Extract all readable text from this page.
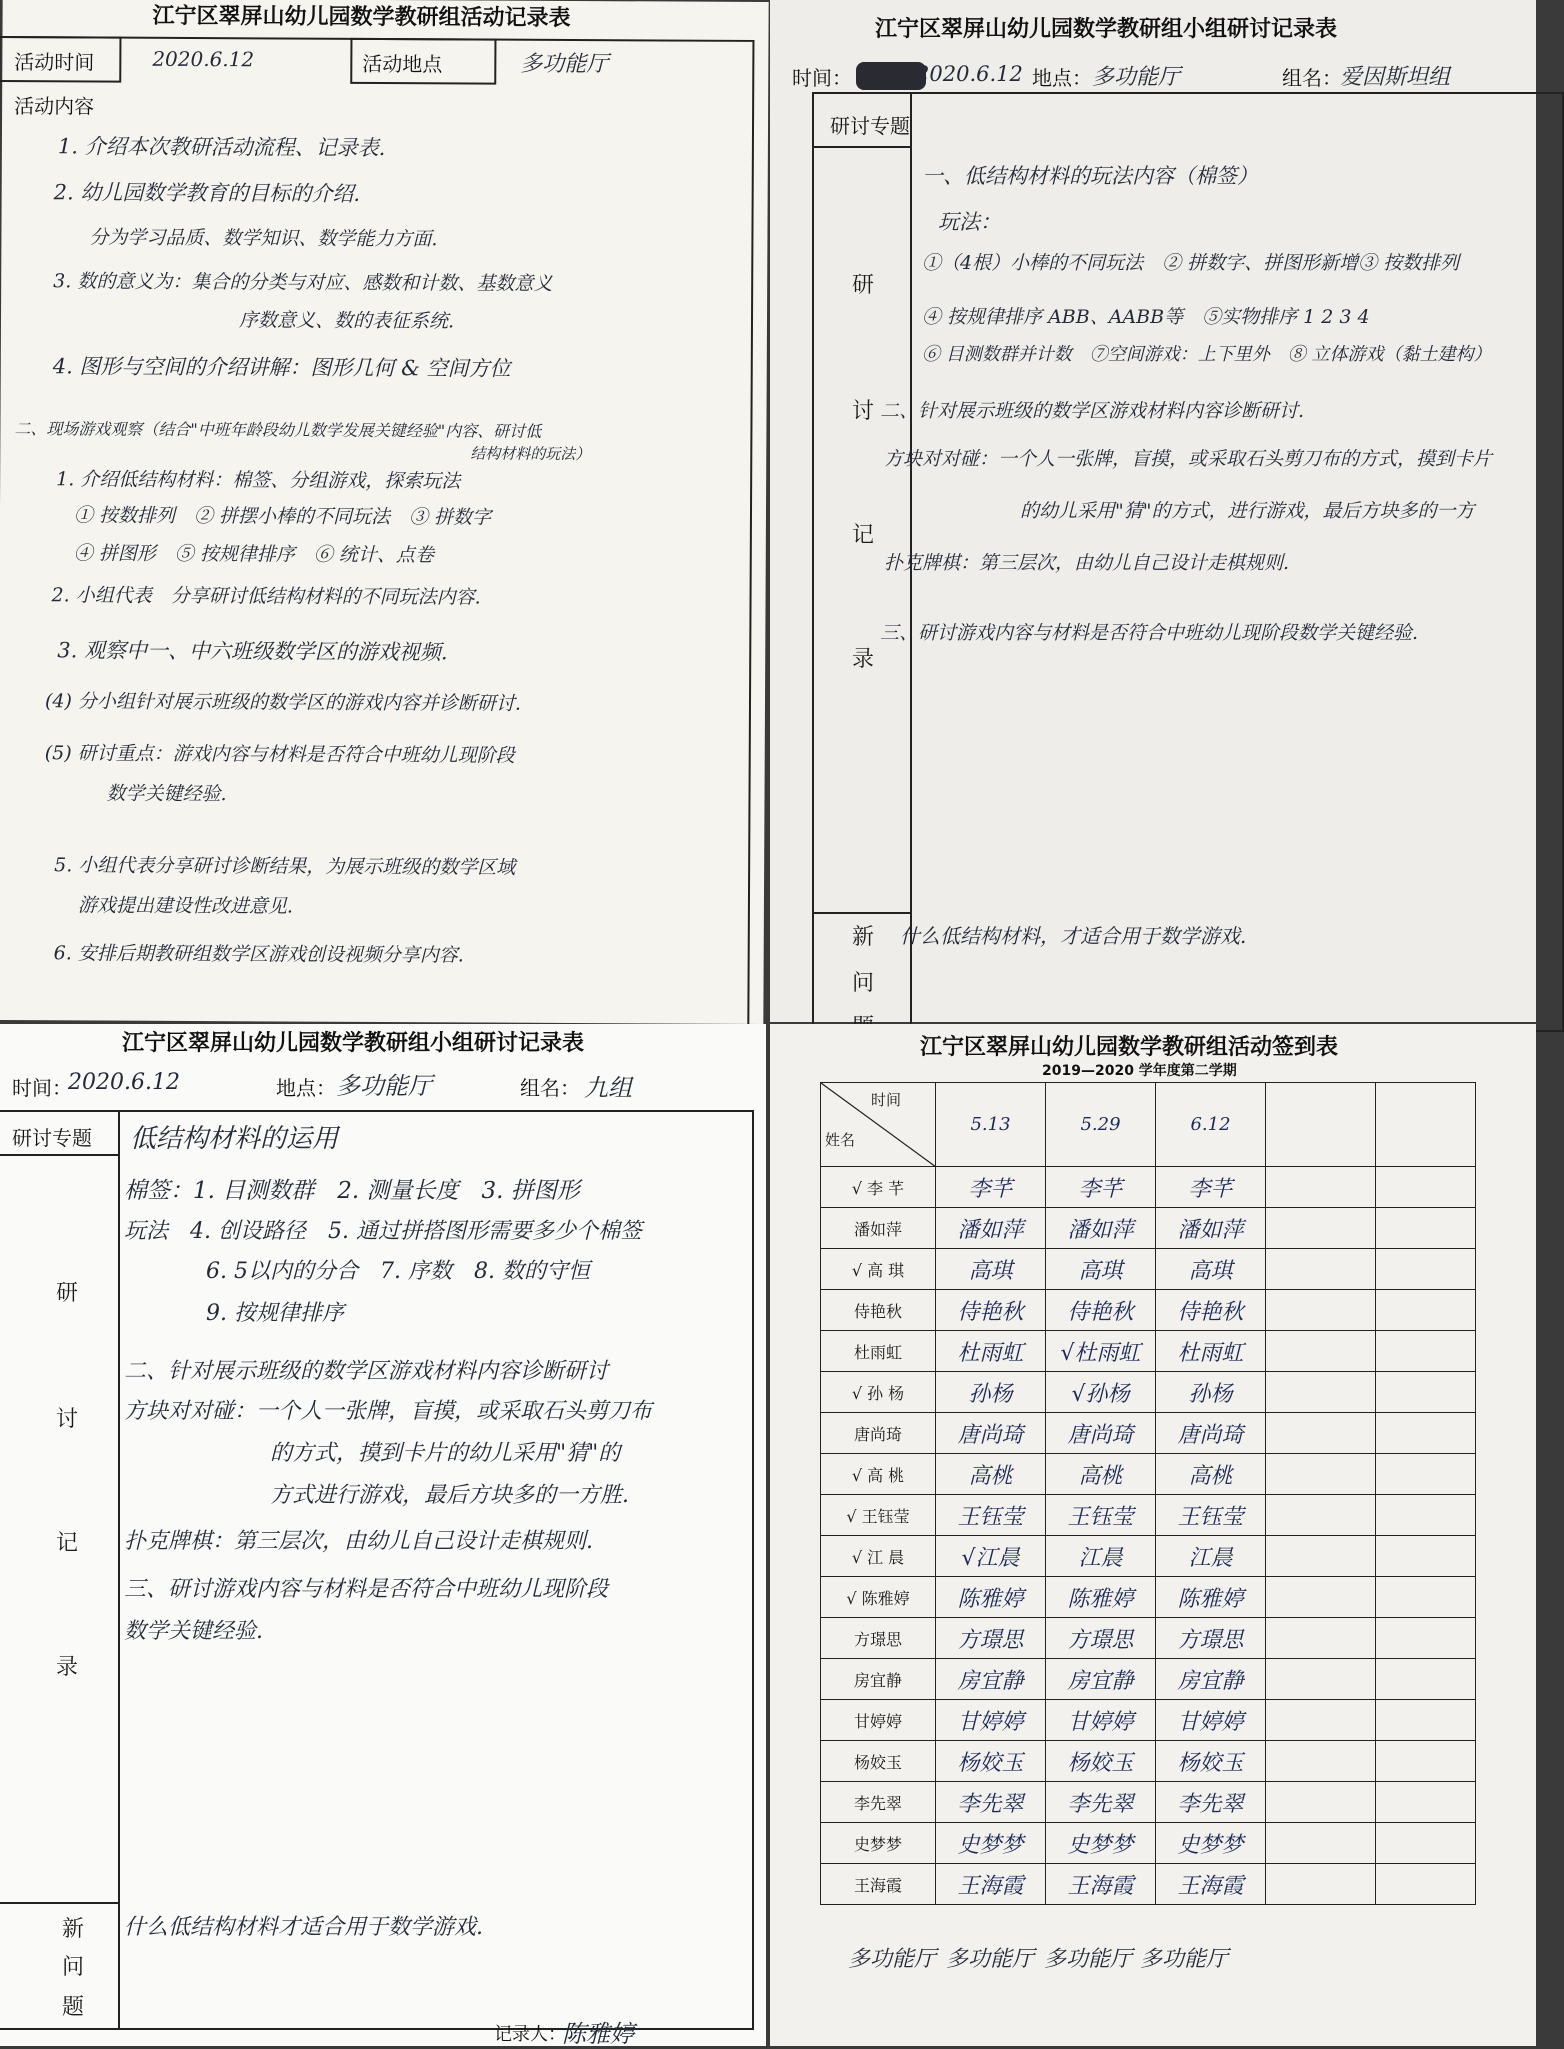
江宁区翠屏山幼儿园数学教研组活动记录表
活动时间	2020.6.12	活动地点	多功能厅
活动内容
1. 介绍本次教研活动流程、记录表.
2. 幼儿园数学教育的目标的介绍.
分为学习品质、数学知识、数学能力方面.
3. 数的意义为：集合的分类与对应、感数和计数、基数意义
序数意义、数的表征系统.
4. 图形与空间的介绍讲解：图形几何 & 空间方位
二、现场游戏观察（结合"中班年龄段幼儿数学发展关键经验"内容、研讨低
结构材料的玩法）
1. 介绍低结构材料：棉签、分组游戏，探索玩法
① 按数排列　② 拼摆小棒的不同玩法　③ 拼数字
④ 拼图形　⑤ 按规律排序　⑥ 统计、点卷
2. 小组代表　分享研讨低结构材料的不同玩法内容.
3. 观察中一、中六班级数学区的游戏视频.
(4) 分小组针对展示班级的数学区的游戏内容并诊断研讨.
(5) 研讨重点：游戏内容与材料是否符合中班幼儿现阶段
数学关键经验.
5. 小组代表分享研讨诊断结果，为展示班级的数学区域
游戏提出建设性改进意见.
6. 安排后期教研组数学区游戏创设视频分享内容.
江宁区翠屏山幼儿园数学教研组小组研讨记录表
时间：	2020.6.12 地点： 多功能厅	组名：
爱因斯坦组
研讨专题
研
讨
记
录
一、低结构材料的玩法内容（棉签）
玩法：
①（4根）小棒的不同玩法　② 拼数字、拼图形新增③ 按数排列
④ 按规律排序 ABB、AABB等　⑤实物排序 1 2 3 4
⑥ 目测数群并计数　⑦空间游戏：上下里外　⑧ 立体游戏（黏土建构）
二、针对展示班级的数学区游戏材料内容诊断研讨.
方块对对碰：一个人一张牌，盲摸，或采取石头剪刀布的方式，摸到卡片
的幼儿采用"猜"的方式，进行游戏，最后方块多的一方
扑克牌棋：第三层次，由幼儿自己设计走棋规则.
三、研讨游戏内容与材料是否符合中班幼儿现阶段数学关键经验.
新
问
什么低结构材料，才适合用于数学游戏.
江宁区翠屏山幼儿园数学教研组小组研讨记录表
时间：
2020.6.12	地点： 多功能厅	组名： 九组
研讨专题 低结构材料的运用
研
讨
记
录
棉签：1. 目测数群　2. 测量长度　3. 拼图形
玩法　4. 创设路径　5. 通过拼搭图形需要多少个棉签
6. 5以内的分合　7. 序数　8. 数的守恒
9. 按规律排序
二、针对展示班级的数学区游戏材料内容诊断研讨
方块对对碰：一个人一张牌，盲摸，或采取石头剪刀布
的方式，摸到卡片的幼儿采用"猜"的
方式进行游戏，最后方块多的一方胜.
扑克牌棋：第三层次，由幼儿自己设计走棋规则.
三、研讨游戏内容与材料是否符合中班幼儿现阶段
数学关键经验.
新
问
题
什么低结构材料才适合用于数学游戏.
记录人：
陈雅婷
江宁区翠屏山幼儿园数学教研组活动签到表
2019—2020 学年度第二学期
时间
姓名	5.13	5.29	6.12		
√ 李 芊	李芊	李芊	李芊		
潘如萍	潘如萍	潘如萍	潘如萍		
√ 高 琪	高琪	高琪	高琪		
侍艳秋	侍艳秋	侍艳秋	侍艳秋		
杜雨虹	杜雨虹	√杜雨虹	杜雨虹		
√ 孙 杨	孙杨	√孙杨	孙杨		
唐尚琦	唐尚琦	唐尚琦	唐尚琦		
√ 高 桃	高桃	高桃	高桃		
√ 王钰莹	王钰莹	王钰莹	王钰莹		
√ 江 晨	√江晨	江晨	江晨		
√ 陈雅婷	陈雅婷	陈雅婷	陈雅婷		
方璟思	方璟思	方璟思	方璟思		
房宜静	房宜静	房宜静	房宜静		
甘婷婷	甘婷婷	甘婷婷	甘婷婷		
杨姣玉	杨姣玉	杨姣玉	杨姣玉		
李先翠	李先翠	李先翠	李先翠		
史梦梦	史梦梦	史梦梦	史梦梦		
王海霞	王海霞	王海霞	王海霞		
多功能厅 多功能厅 多功能厅 多功能厅
